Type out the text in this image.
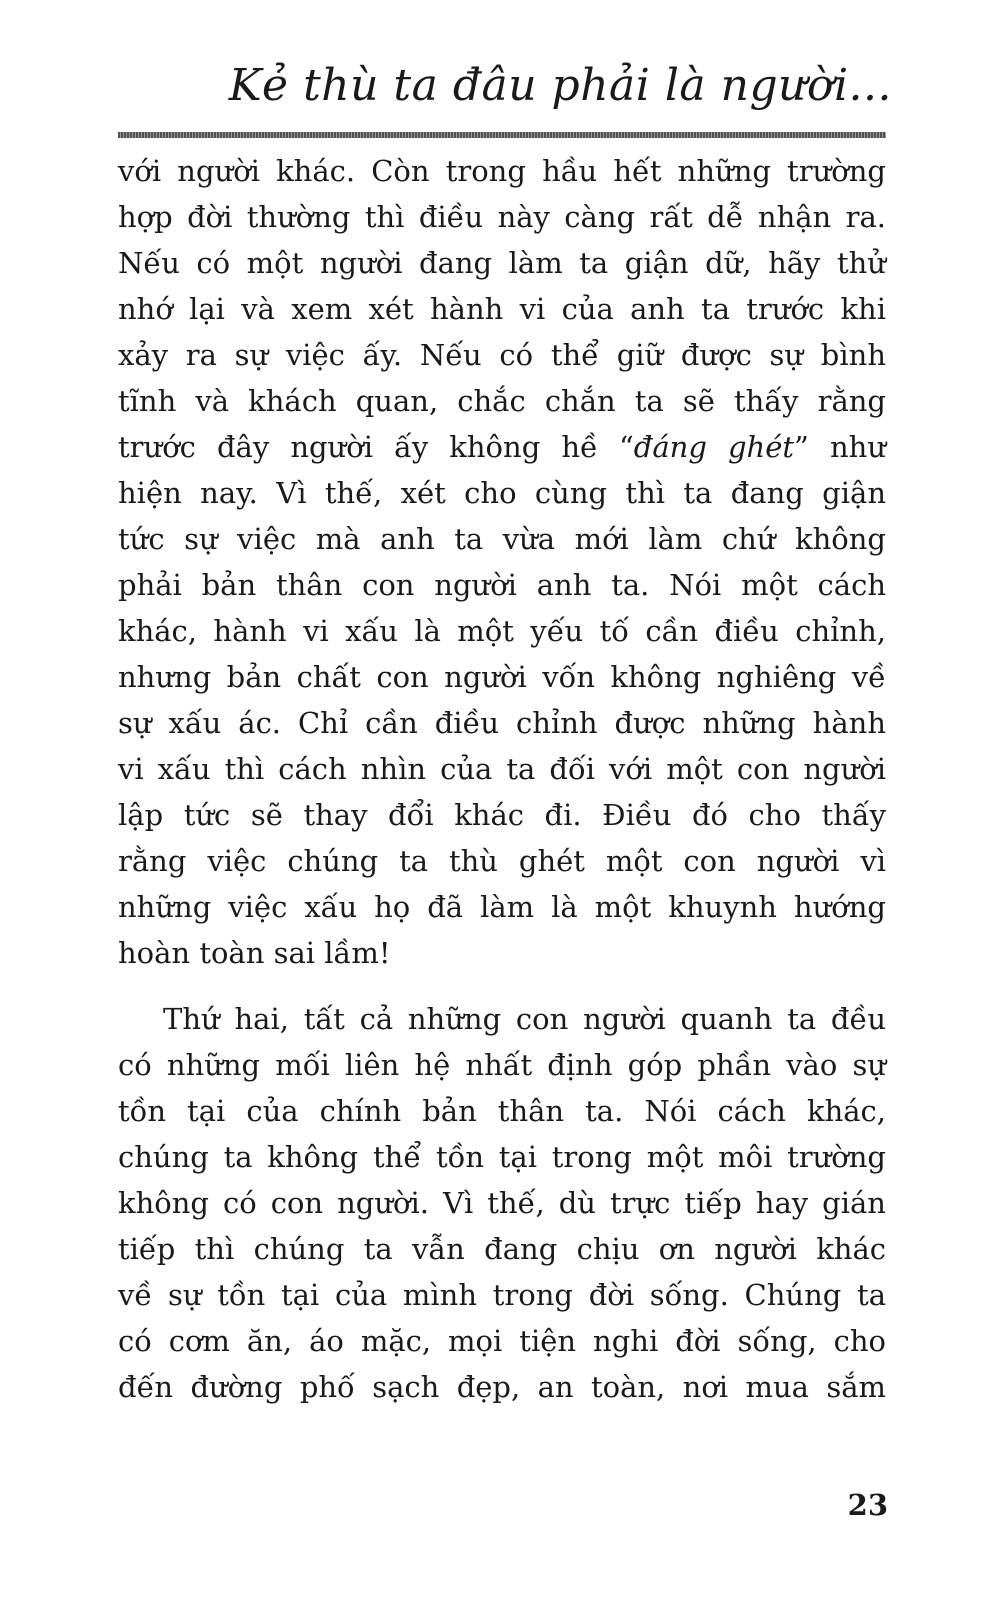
Kẻ thù ta đâu phải là người...
với người khác. Còn trong hầu hết những trường
hợp đời thường thì điều này càng rất dễ nhận ra.
Nếu có một người đang làm ta giận dữ, hãy thử
nhớ lại và xem xét hành vi của anh ta trước khi
xảy ra sự việc ấy. Nếu có thể giữ được sự bình
tĩnh và khách quan, chắc chắn ta sẽ thấy rằng
trước đây người ấy không hề “đáng ghét” như
hiện nay. Vì thế, xét cho cùng thì ta đang giận
tức sự việc mà anh ta vừa mới làm chứ không
phải bản thân con người anh ta. Nói một cách
khác, hành vi xấu là một yếu tố cần điều chỉnh,
nhưng bản chất con người vốn không nghiêng về
sự xấu ác. Chỉ cần điều chỉnh được những hành
vi xấu thì cách nhìn của ta đối với một con người
lập tức sẽ thay đổi khác đi. Điều đó cho thấy
rằng việc chúng ta thù ghét một con người vì
những việc xấu họ đã làm là một khuynh hướng
hoàn toàn sai lầm!
Thứ hai, tất cả những con người quanh ta đều
có những mối liên hệ nhất định góp phần vào sự
tồn tại của chính bản thân ta. Nói cách khác,
chúng ta không thể tồn tại trong một môi trường
không có con người. Vì thế, dù trực tiếp hay gián
tiếp thì chúng ta vẫn đang chịu ơn người khác
về sự tồn tại của mình trong đời sống. Chúng ta
có cơm ăn, áo mặc, mọi tiện nghi đời sống, cho
đến đường phố sạch đẹp, an toàn, nơi mua sắm
23
